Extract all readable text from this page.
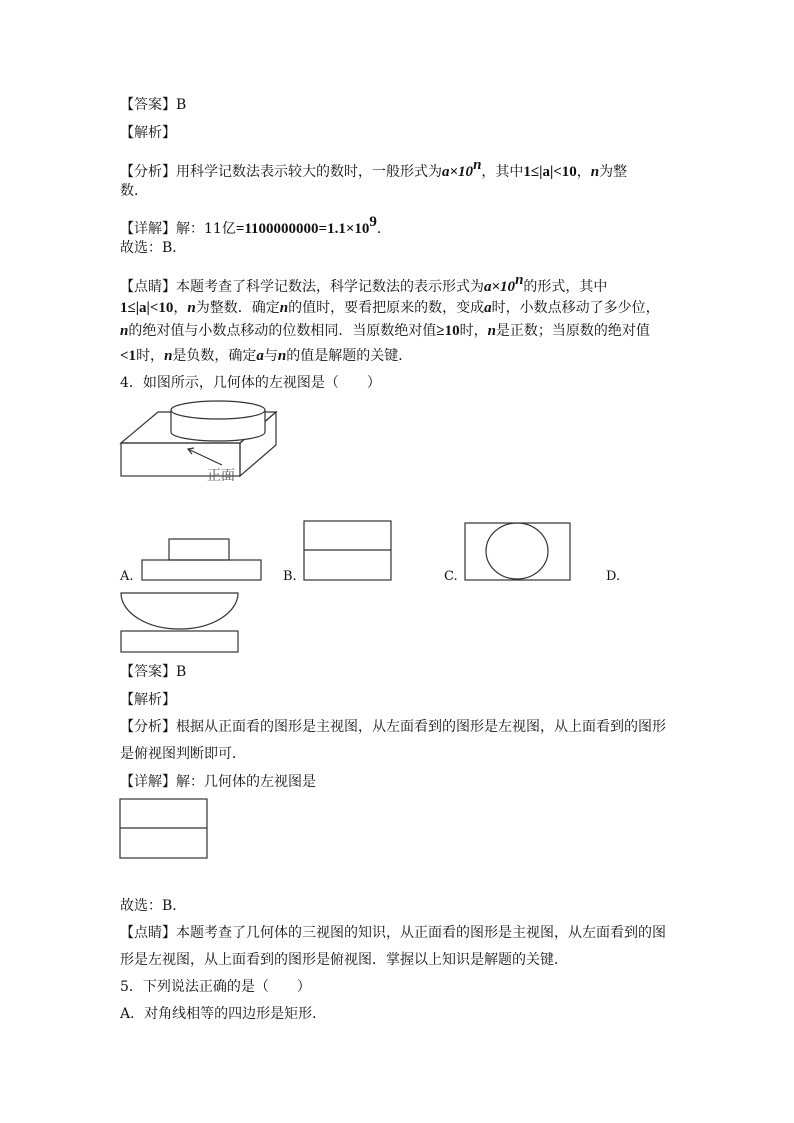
【答案】B
【解析】
【分析】用科学记数法表示较大的数时，一般形式为$a\times 10^n$，其中1≤|a|<10，n为整
数．
【详解】解：11亿$=1100000000=1.1\times 10^9$．
故选：B．
【点睛】本题考查了科学记数法，科学记数法的表示形式为$a\times 10^n$的形式，其中
1≤|a|<10，n为整数．确定n的值时，要看把原来的数，变成a时，小数点移动了多少位，
n的绝对值与小数点移动的位数相同．当原数绝对值≥10时，n是正数；当原数的绝对值
<1时，n是负数，确定a与n的值是解题的关键．
4．如图所示，几何体的左视图是（　　）
正面
A.	B.	C.	D.
【答案】B
【解析】
【分析】根据从正面看的图形是主视图，从左面看到的图形是左视图，从上面看到的图形
是俯视图判断即可．
【详解】解：几何体的左视图是
故选：B．
【点睛】本题考查了几何体的三视图的知识，从正面看的图形是主视图，从左面看到的图
形是左视图，从上面看到的图形是俯视图．掌握以上知识是解题的关键．
5．下列说法正确的是（　　）
A．对角线相等的四边形是矩形．
